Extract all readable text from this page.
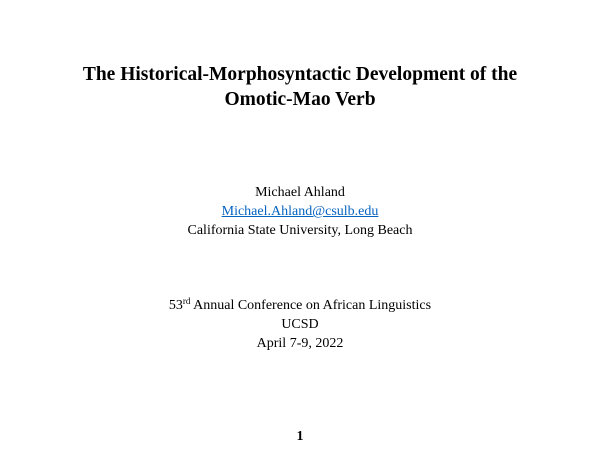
The Historical-Morphosyntactic Development of the
Omotic-Mao Verb
Michael Ahland
Michael.Ahland@csulb.edu
California State University, Long Beach
53rd Annual Conference on African Linguistics
UCSD
April 7-9, 2022
1
